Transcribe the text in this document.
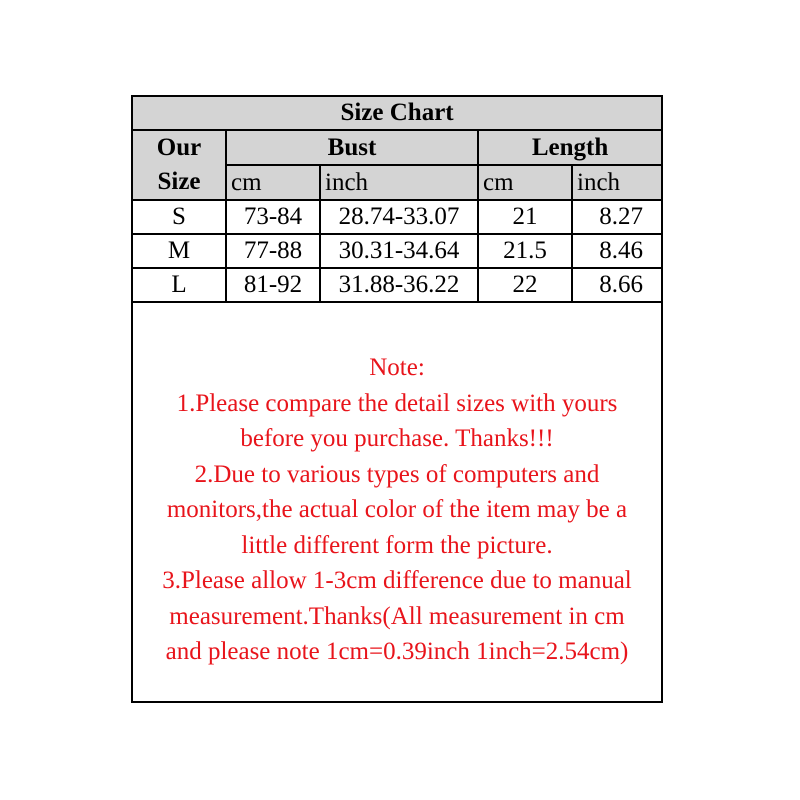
Size Chart				
Our
Size	Bust		Length	
	cm	inch	cm	inch
S	73-84	28.74-33.07	21	8.27
M	77-88	30.31-34.64	21.5	8.46
L	81-92	31.88-36.22	22	8.66
Note:
1.Please compare the detail sizes with yours
before you purchase. Thanks!!!
2.Due to various types of computers and
monitors,the actual color of the item may be a
little different form the picture.
3.Please allow 1-3cm difference due to manual
measurement.Thanks(All measurement in cm
and please note 1cm=0.39inch 1inch=2.54cm)
